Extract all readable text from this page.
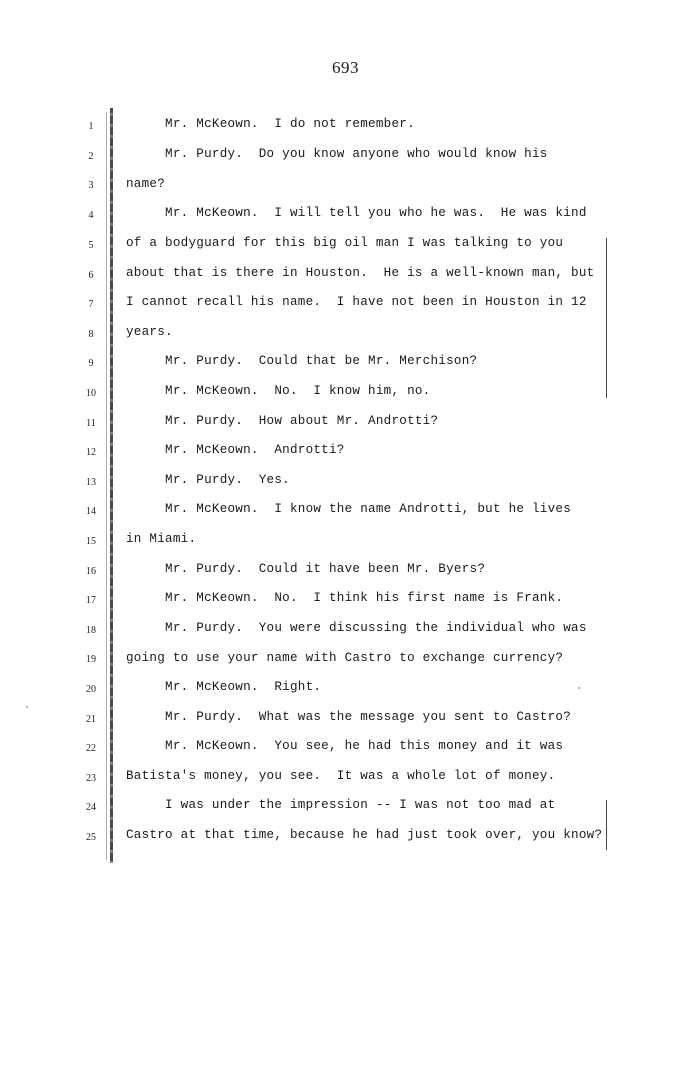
693
1	Mr. McKeown.  I do not remember.
2	Mr. Purdy.  Do you know anyone who would know his
3	name?
4	Mr. McKeown.  I will tell you who he was.  He was kind
5	of a bodyguard for this big oil man I was talking to you
6	about that is there in Houston.  He is a well-known man, but
7	I cannot recall his name.  I have not been in Houston in 12
8	years.
9	Mr. Purdy.  Could that be Mr. Merchison?
10	Mr. McKeown.  No.  I know him, no.
11	Mr. Purdy.  How about Mr. Androtti?
12	Mr. McKeown.  Androtti?
13	Mr. Purdy.  Yes.
14	Mr. McKeown.  I know the name Androtti, but he lives
15	in Miami.
16	Mr. Purdy.  Could it have been Mr. Byers?
17	Mr. McKeown.  No.  I think his first name is Frank.
18	Mr. Purdy.  You were discussing the individual who was
19	going to use your name with Castro to exchange currency?
20	Mr. McKeown.  Right.
21	Mr. Purdy.  What was the message you sent to Castro?
22	Mr. McKeown.  You see, he had this money and it was
23	Batista's money, you see.  It was a whole lot of money.
24	I was under the impression -- I was not too mad at
25	Castro at that time, because he had just took over, you know?
